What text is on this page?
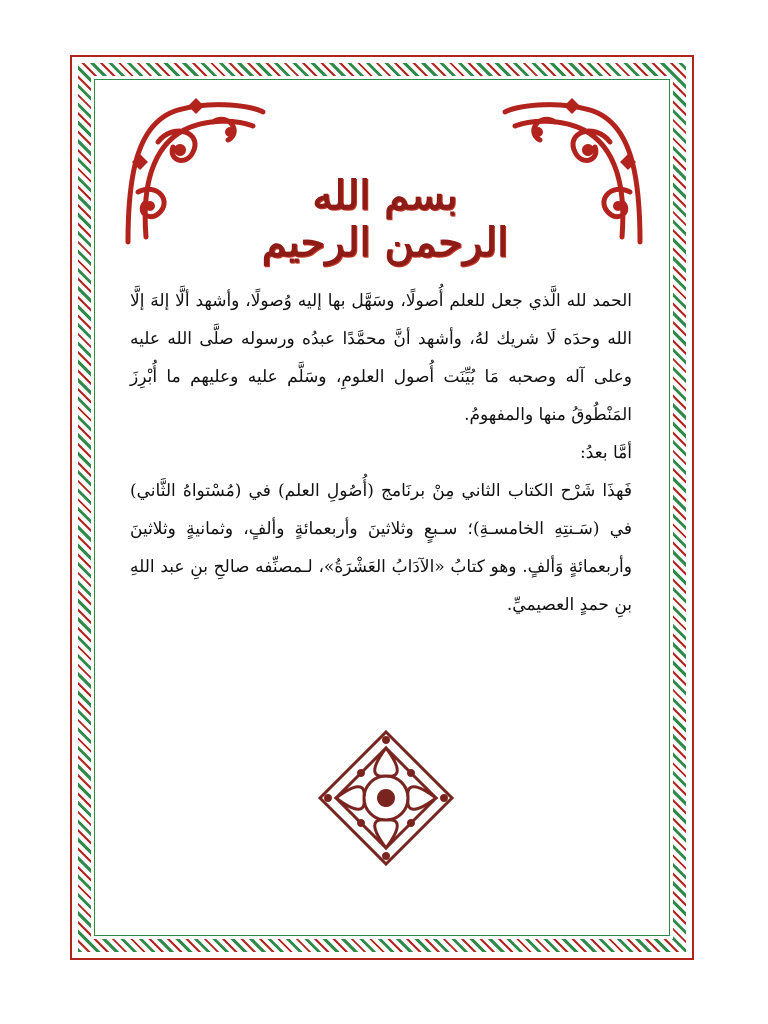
بسم الله الرحمن الرحيم

الحمد لله الَّذي جعل للعلم أُصولًا، وسَهَّل بها إليه وُصولًا، وأشهد ألَّا إلهَ إلَّا الله وحدَه لَا شريك لهُ، وأشهد أنَّ محمَّدًا عبدُه ورسوله صلَّى الله عليه وعلى آله وصحبه مَا بُيِّنَت أُصول العلومِ، وسَلَّم عليه وعليهم ما أُبْرِزَ المَنْطُوقُ منها والمفهومُ.

أمَّا بعدُ:

فَهذَا شَرْح الكتاب الثاني مِنْ برنَامج (أُصُولِ العلم) في (مُسْتواهُ الثَّاني) في (سَـنتِهِ الخامسـةِ)؛ سـبعٍ وثلاثينَ وأربعمائةٍ وألفٍ، وثمانيةٍ وثلاثينَ وأربعمائةٍ وَألفٍ. وهو كتابُ «الآدَابُ العَشْرَةُ»، لـمصنِّفه صالحِ بنِ عبد اللهِ بنِ حمدٍ العصيميِّ.
